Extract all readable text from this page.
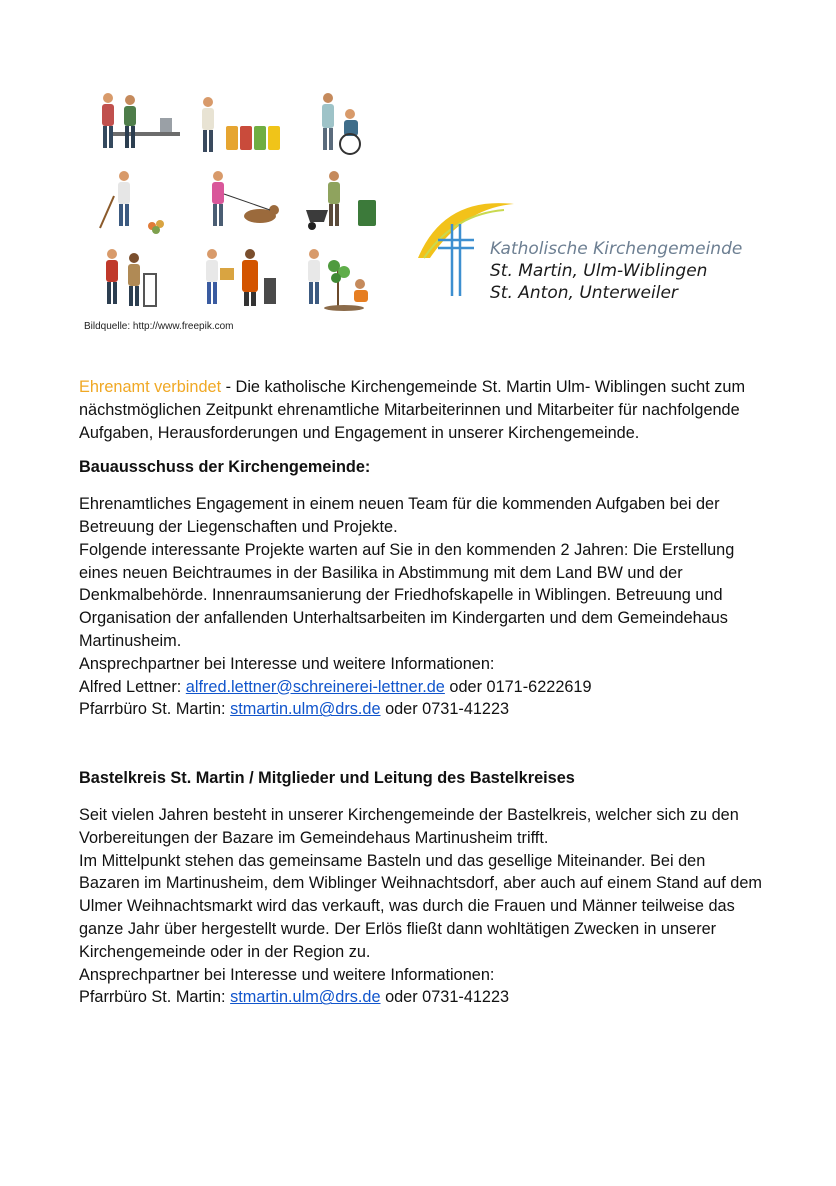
Bildquelle: http://www.freepik.com
Katholische Kirchengemeinde
St. Martin, Ulm-Wiblingen
St. Anton, Unterweiler

Ehrenamt verbindet - Die katholische Kirchengemeinde St. Martin Ulm- Wiblingen sucht zum nächstmöglichen Zeitpunkt ehrenamtliche Mitarbeiterinnen und Mitarbeiter für nachfolgende Aufgaben, Herausforderungen und Engagement in unserer Kirchengemeinde.

Bauausschuss der Kirchengemeinde:

Ehrenamtliches Engagement in einem neuen Team für die kommenden Aufgaben bei der Betreuung der Liegenschaften und Projekte.

Folgende interessante Projekte warten auf Sie in den kommenden 2 Jahren: Die Erstellung eines neuen Beichtraumes in der Basilika in Abstimmung mit dem Land BW und der Denkmalbehörde. Innenraumsanierung der Friedhofskapelle in Wiblingen. Betreuung und Organisation der anfallenden Unterhaltsarbeiten im Kindergarten und dem Gemeindehaus Martinusheim.

Ansprechpartner bei Interesse und weitere Informationen:

Alfred Lettner: alfred.lettner@schreinerei-lettner.de oder 0171-6222619

Pfarrbüro St. Martin: stmartin.ulm@drs.de oder 0731-41223

Bastelkreis St. Martin / Mitglieder und Leitung des Bastelkreises

Seit vielen Jahren besteht in unserer Kirchengemeinde der Bastelkreis, welcher sich zu den Vorbereitungen der Bazare im Gemeindehaus Martinusheim trifft.

Im Mittelpunkt stehen das gemeinsame Basteln und das gesellige Miteinander. Bei den Bazaren im Martinusheim, dem Wiblinger Weihnachtsdorf, aber auch auf einem Stand auf dem Ulmer Weihnachtsmarkt wird das verkauft, was durch die Frauen und Männer teilweise das ganze Jahr über hergestellt wurde. Der Erlös fließt dann wohltätigen Zwecken in unserer Kirchengemeinde oder in der Region zu.

Ansprechpartner bei Interesse und weitere Informationen:

Pfarrbüro St. Martin: stmartin.ulm@drs.de oder 0731-41223
